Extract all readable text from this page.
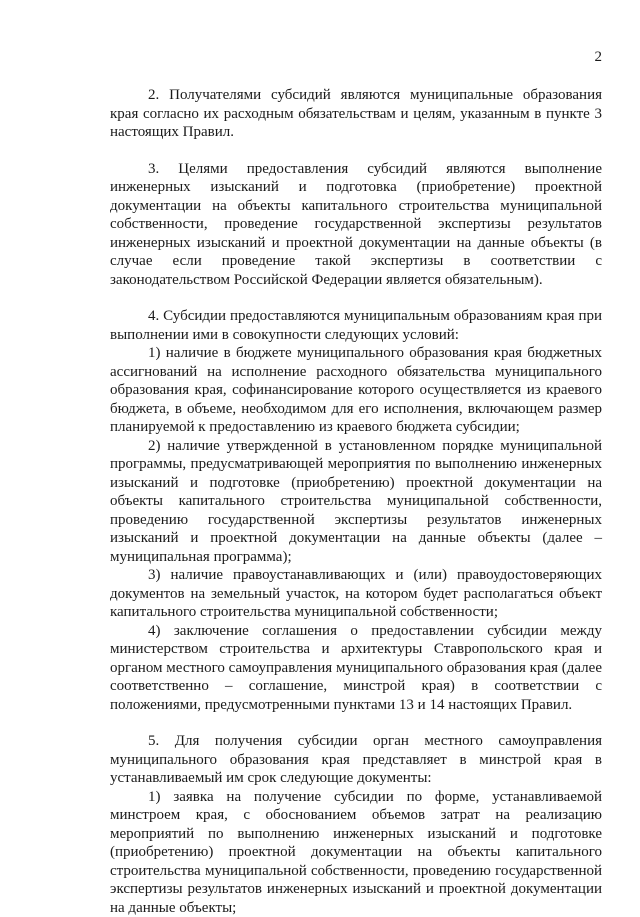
2

2. Получателями субсидий являются муниципальные образования края согласно их расходным обязательствам и целям, указанным в пункте 3 настоящих Правил.

3. Целями предоставления субсидий являются выполнение инженерных изысканий и подготовка (приобретение) проектной документации на объекты капитального строительства муниципальной собственности, проведение государственной экспертизы результатов инженерных изысканий и проектной документации на данные объекты (в случае если проведение такой экспертизы в соответствии с законодательством Российской Федерации является обязательным).

4. Субсидии предоставляются муниципальным образованиям края при выполнении ими в совокупности следующих условий:

1) наличие в бюджете муниципального образования края бюджетных ассигнований на исполнение расходного обязательства муниципального образования края, софинансирование которого осуществляется из краевого бюджета, в объеме, необходимом для его исполнения, включающем размер планируемой к предоставлению из краевого бюджета субсидии;

2) наличие утвержденной в установленном порядке муниципальной программы, предусматривающей мероприятия по выполнению инженерных изысканий и подготовке (приобретению) проектной документации на объекты капитального строительства муниципальной собственности, проведению государственной экспертизы результатов инженерных изысканий и проектной документации на данные объекты (далее – муниципальная программа);

3) наличие правоустанавливающих и (или) правоудостоверяющих документов на земельный участок, на котором будет располагаться объект капитального строительства муниципальной собственности;

4) заключение соглашения о предоставлении субсидии между министерством строительства и архитектуры Ставропольского края и органом местного самоуправления муниципального образования края (далее соответственно – соглашение, минстрой края) в соответствии с положениями, предусмотренными пунктами 13 и 14 настоящих Правил.

5. Для получения субсидии орган местного самоуправления муниципального образования края представляет в минстрой края в устанавливаемый им срок следующие документы:

1) заявка на получение субсидии по форме, устанавливаемой минстроем края, с обоснованием объемов затрат на реализацию мероприятий по выполнению инженерных изысканий и подготовке (приобретению) проектной документации на объекты капитального строительства муниципальной собственности, проведению государственной экспертизы результатов инженерных изысканий и проектной документации на данные объекты;
